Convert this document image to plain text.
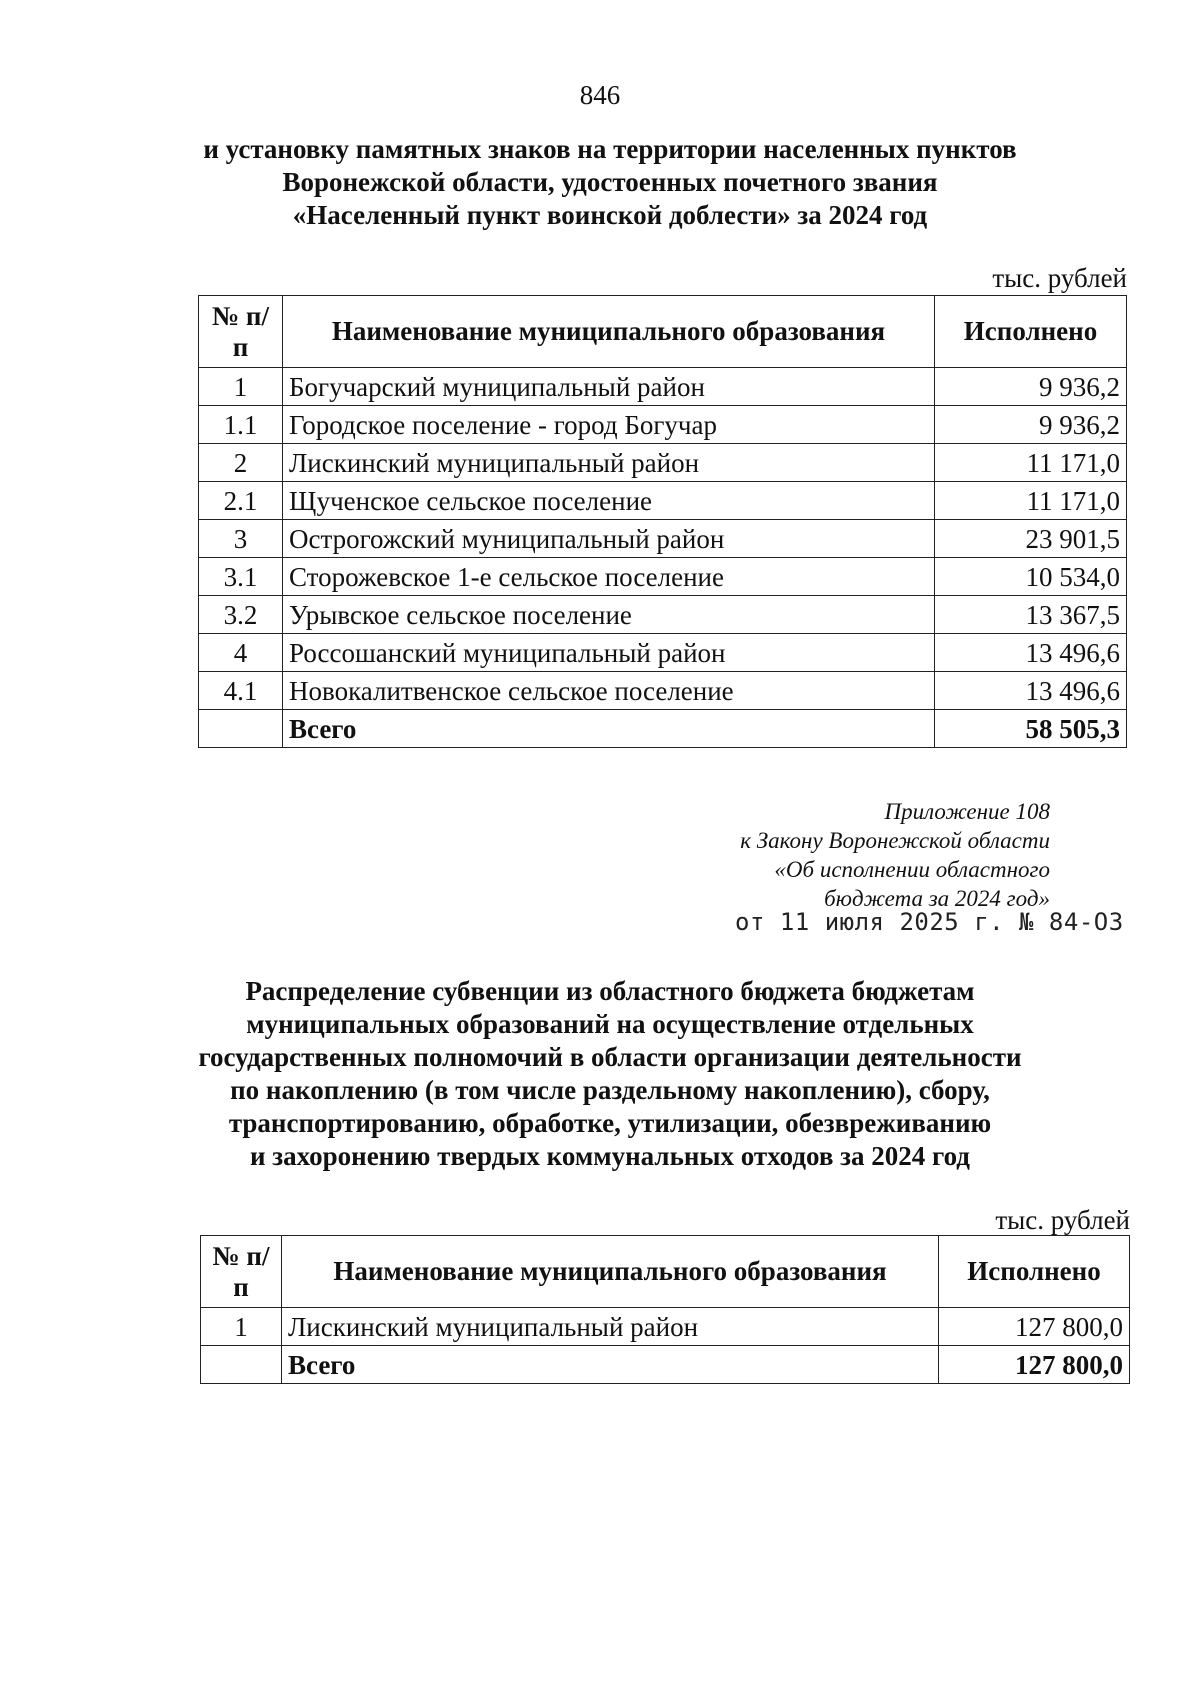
846
и установку памятных знаков на территории населенных пунктов
Воронежской области, удостоенных почетного звания
«Населенный пункт воинской доблести» за 2024 год
тыс. рублей
№ п/п	Наименование муниципального образования	Исполнено
1	Богучарский муниципальный район	9 936,2
1.1	Городское поселение - город Богучар	9 936,2
2	Лискинский муниципальный район	11 171,0
2.1	Щученское сельское поселение	11 171,0
3	Острогожский муниципальный район	23 901,5
3.1	Сторожевское 1-е сельское поселение	10 534,0
3.2	Урывское сельское поселение	13 367,5
4	Россошанский муниципальный район	13 496,6
4.1	Новокалитвенское сельское поселение	13 496,6
	Всего	58 505,3
Приложение 108
к Закону Воронежской области
«Об исполнении областного
бюджета за 2024 год»
от 11 июля 2025 г. № 84-ОЗ
Распределение субвенции из областного бюджета бюджетам
муниципальных образований на осуществление отдельных
государственных полномочий в области организации деятельности
по накоплению (в том числе раздельному накоплению), сбору,
транспортированию, обработке, утилизации, обезвреживанию
и захоронению твердых коммунальных отходов за 2024 год
тыс. рублей
№ п/п	Наименование муниципального образования	Исполнено
1	Лискинский муниципальный район	127 800,0
	Всего	127 800,0
